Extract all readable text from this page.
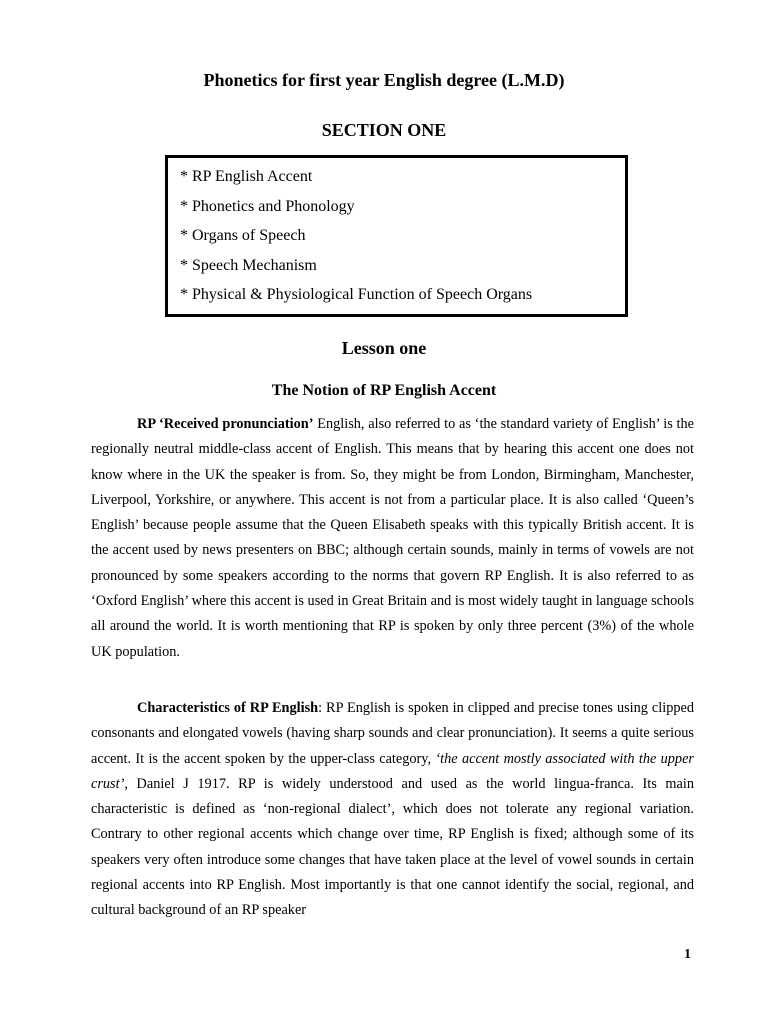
Phonetics for first year English degree (L.M.D)
SECTION ONE
* RP English Accent
* Phonetics and Phonology
* Organs of Speech
* Speech Mechanism
* Physical & Physiological Function of Speech Organs
Lesson one
The Notion of RP English Accent

RP ‘Received pronunciation’ English, also referred to as ‘the standard variety of English’ is the regionally neutral middle-class accent of English. This means that by hearing this accent one does not know where in the UK the speaker is from. So, they might be from London, Birmingham, Manchester, Liverpool, Yorkshire, or anywhere. This accent is not from a particular place. It is also called ‘Queen’s English’ because people assume that the Queen Elisabeth speaks with this typically British accent. It is the accent used by news presenters on BBC; although certain sounds, mainly in terms of vowels are not pronounced by some speakers according to the norms that govern RP English. It is also referred to as ‘Oxford English’ where this accent is used in Great Britain and is most widely taught in language schools all around the world. It is worth mentioning that RP is spoken by only three percent (3%) of the whole UK population.

Characteristics of RP English: RP English is spoken in clipped and precise tones using clipped consonants and elongated vowels (having sharp sounds and clear pronunciation). It seems a quite serious accent. It is the accent spoken by the upper-class category, ‘the accent mostly associated with the upper crust’, Daniel J 1917. RP is widely understood and used as the world lingua-franca. Its main characteristic is defined as ‘non-regional dialect’, which does not tolerate any regional variation. Contrary to other regional accents which change over time, RP English is fixed; although some of its speakers very often introduce some changes that have taken place at the level of vowel sounds in certain regional accents into RP English. Most importantly is that one cannot identify the social, regional, and cultural background of an RP speaker

1
